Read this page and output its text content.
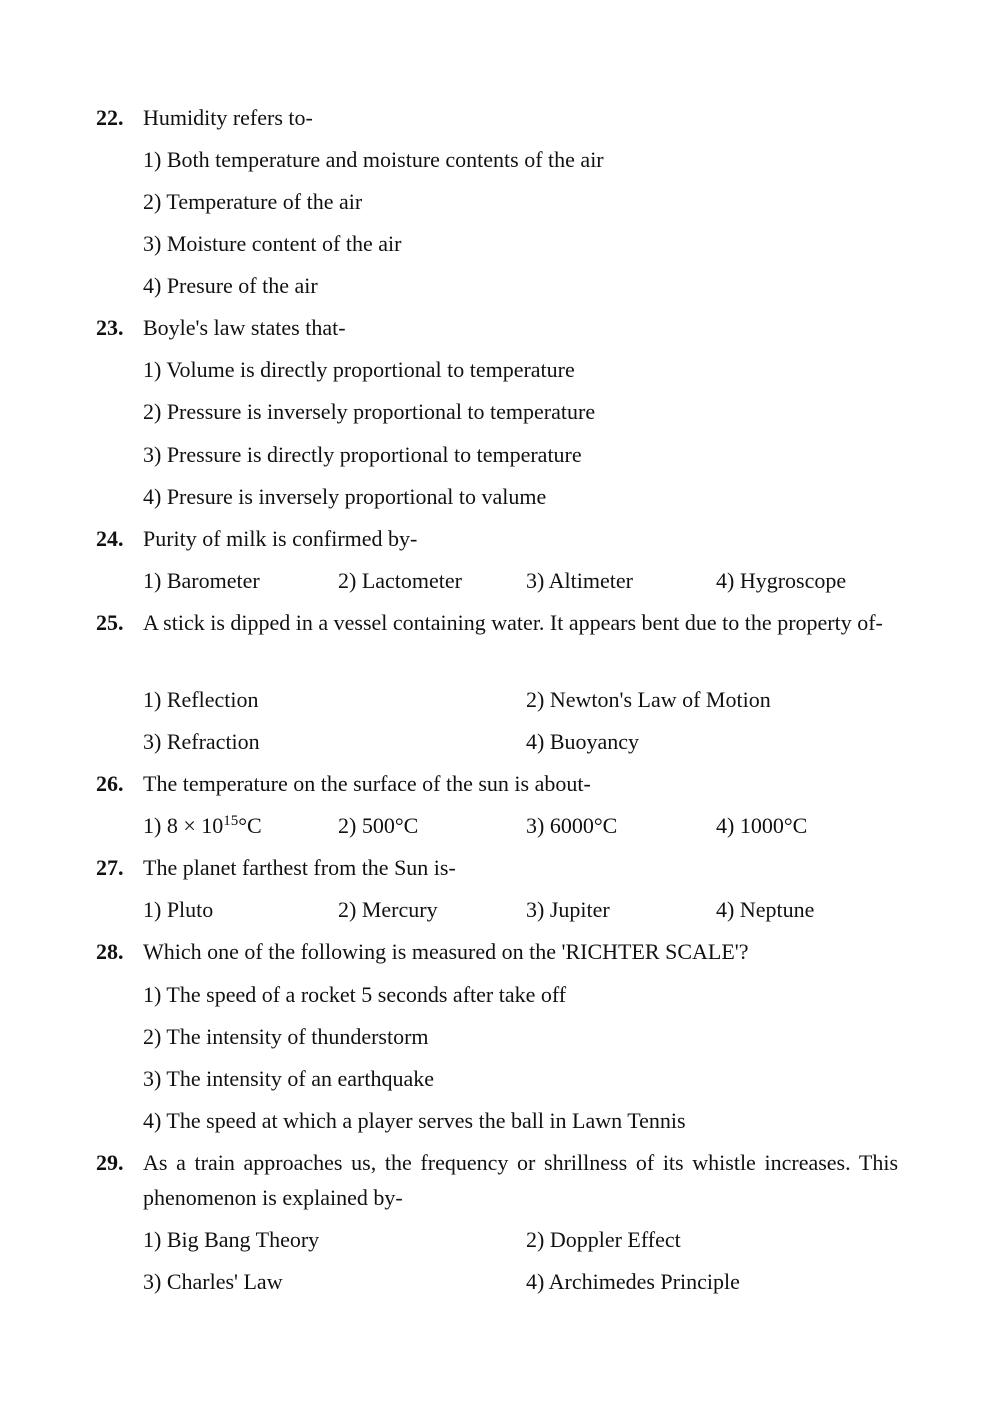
22. Humidity refers to-
1) Both temperature and moisture contents of the air
2) Temperature of the air
3) Moisture content of the air
4) Presure of the air
23. Boyle's law states that-
1) Volume is directly proportional to temperature
2) Pressure is inversely proportional to temperature
3) Pressure is directly proportional to temperature
4) Presure is inversely proportional to valume
24. Purity of milk is confirmed by-
1) Barometer	2) Lactometer	3) Altimeter	4) Hygroscope
25. A stick is dipped in a vessel containing water. It appears bent due to the property of-
1) Reflection	2) Newton's Law of Motion
3) Refraction	4) Buoyancy
26. The temperature on the surface of the sun is about-
1) $8 \times 10^{15}^\circ C$	2) 500°C	3) 6000°C	4) 1000°C
27. The planet farthest from the Sun is-
1) Pluto	2) Mercury	3) Jupiter	4) Neptune
28. Which one of the following is measured on the 'RICHTER SCALE'?
1) The speed of a rocket 5 seconds after take off
2) The intensity of thunderstorm
3) The intensity of an earthquake
4) The speed at which a player serves the ball in Lawn Tennis
29. As a train approaches us, the frequency or shrillness of its whistle increases. This phenomenon is explained by-
1) Big Bang Theory	2) Doppler Effect
3) Charles' Law	4) Archimedes Principle
